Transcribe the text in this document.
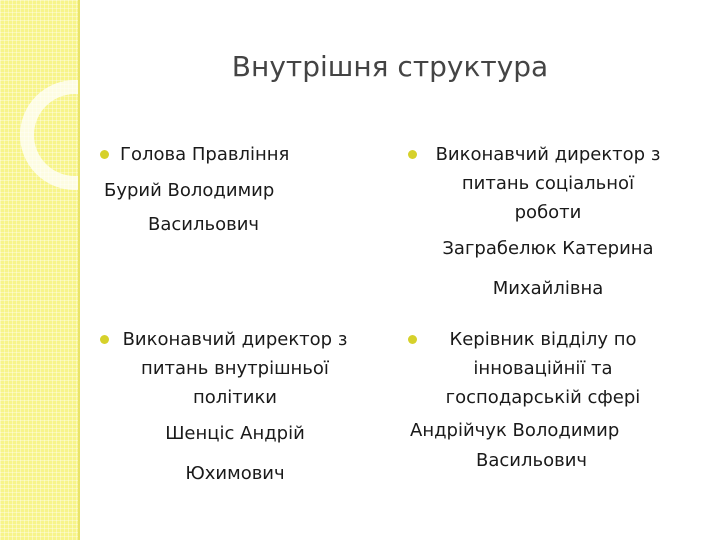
Внутрішня структура
Голова Правління
Бурий Володимир
Васильович
Виконавчий директор з
питань соціальної
роботи
Заграбелюк Катерина
Михайлівна
Виконавчий директор з
питань внутрішньої
політики
Шенціс Андрій
Юхимович
Керівник відділу по
інноваційнії та
господарській сфері
Андрійчук Володимир
Васильович
